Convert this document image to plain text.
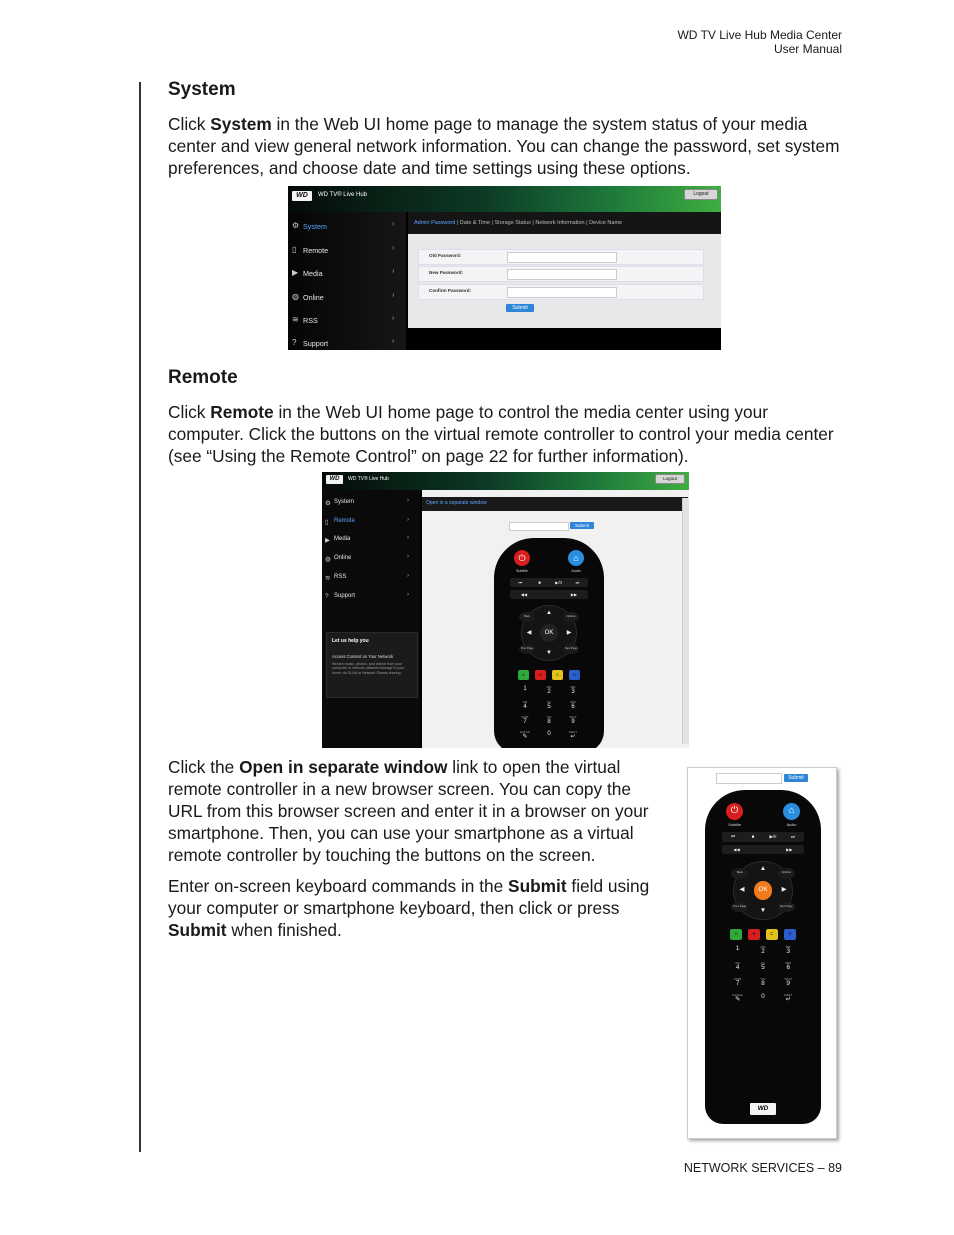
WD TV Live Hub Media Center
User Manual
System

Click System in the Web UI home page to manage the system status of your media center and view general network information. You can change the password, set system preferences, and choose date and time settings using these options.

WD	WD TV® Live Hub	Logout
⚙ System	›
▯ Remote	›
▶ Media	›
◍ Online	›
≋ RSS	›
? Support	›
Admin Password | Date & Time | Storage Status | Network Information | Device Name
Old Password:
New Password:
Confirm Password:
Submit
Remote

Click Remote in the Web UI home page to control the media center using your computer. Click the buttons on the virtual remote controller to control your media center (see “Using the Remote Control” on page 22 for further information).

WD	WD TV® Live Hub	Logout
⚙ System	›
▯ Remote	›
▶ Media	›
◍ Online	›
≋ RSS	›
? Support	›
Let us help you
Access Content on Your Network
Stream music, photos, and videos from your computer or network attached storage to your home via DLNA or Network Shares sharing.
Open in a separate window
Submit
⏻	⌂
Subtitle	Audio
⏮	■	▶/II	⏭
◀◀	▶▶
OK
▲
▼
◀	▶
Back	Options
Prev Page	Next Page
A	B	C	D
1	ABC
2
DEF
3
GHI
4
JKL
5
MNO
6
PQRS
7
TUV
8
WXYZ
9
Del/Clear
✎	0	EJECT
↵

Click the Open in separate window link to open the virtual remote controller in a new browser screen. You can copy the URL from this browser screen and enter it in a browser on your smartphone. Then, you can use your smartphone as a virtual remote controller by touching the buttons on the screen.

Enter on-screen keyboard commands in the Submit field using your computer or smartphone keyboard, then click or press Submit when finished.

Submit
⏻	⌂
Subtitle	Audio
⏮	■	▶/II	⏭
◀◀	▶▶
OK
▲
▼
◀	▶
Back	Options
Prev Page	Next Page
A	B	C	D
1	ABC
2
DEF
3
GHI
4
JKL
5
MNO
6
PQRS
7
TUV
8
WXYZ
9
Del/Clear
✎	0	EJECT
↵
WD
NETWORK SERVICES – 89
